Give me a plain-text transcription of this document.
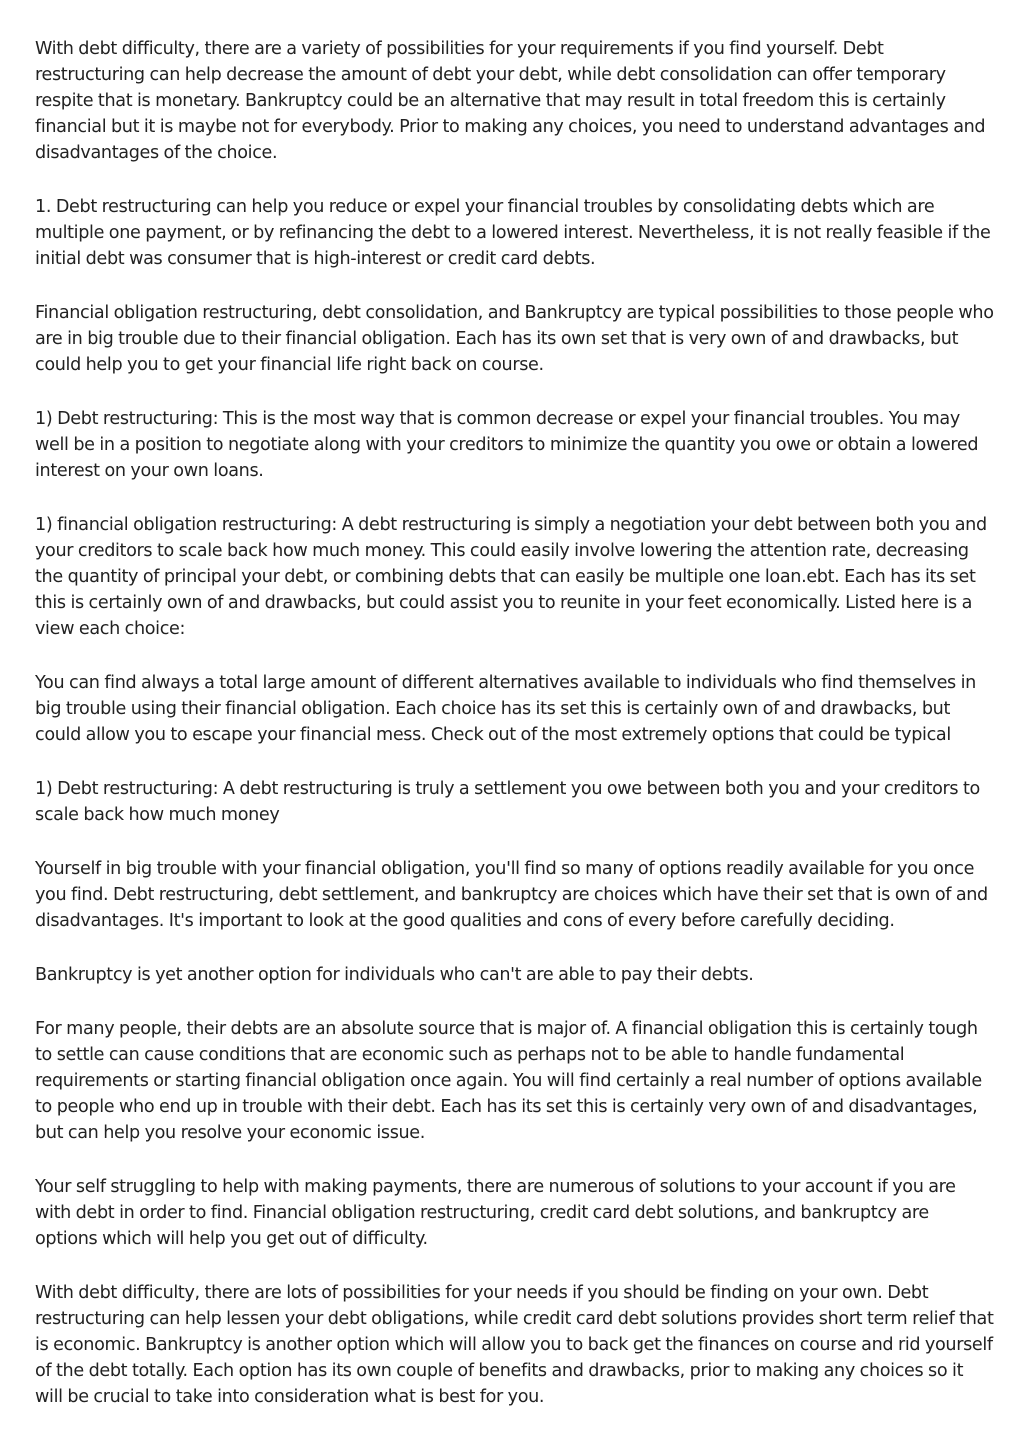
With debt difficulty, there are a variety of possibilities for your requirements if you find yourself. Debt restructuring can help decrease the amount of debt your debt, while debt consolidation can offer temporary respite that is monetary. Bankruptcy could be an alternative that may result in total freedom this is certainly financial but it is maybe not for everybody. Prior to making any choices, you need to understand advantages and disadvantages of the choice.

1. Debt restructuring can help you reduce or expel your financial troubles by consolidating debts which are multiple one payment, or by refinancing the debt to a lowered interest. Nevertheless, it is not really feasible if the initial debt was consumer that is high-interest or credit card debts.

Financial obligation restructuring, debt consolidation, and Bankruptcy are typical possibilities to those people who are in big trouble due to their financial obligation. Each has its own set that is very own of and drawbacks, but could help you to get your financial life right back on course.

1) Debt restructuring: This is the most way that is common decrease or expel your financial troubles. You may well be in a position to negotiate along with your creditors to minimize the quantity you owe or obtain a lowered interest on your own loans.

1) financial obligation restructuring: A debt restructuring is simply a negotiation your debt between both you and your creditors to scale back how much money. This could easily involve lowering the attention rate, decreasing the quantity of principal your debt, or combining debts that can easily be multiple one loan.ebt. Each has its set this is certainly own of and drawbacks, but could assist you to reunite in your feet economically. Listed here is a view each choice:

You can find always a total large amount of different alternatives available to individuals who find themselves in big trouble using their financial obligation. Each choice has its set this is certainly own of and drawbacks, but could allow you to escape your financial mess. Check out of the most extremely options that could be typical

1) Debt restructuring: A debt restructuring is truly a settlement you owe between both you and your creditors to scale back how much money

Yourself in big trouble with your financial obligation, you'll find so many of options readily available for you once you find. Debt restructuring, debt settlement, and bankruptcy are choices which have their set that is own of and disadvantages. It's important to look at the good qualities and cons of every before carefully deciding.

Bankruptcy is yet another option for individuals who can't are able to pay their debts.

For many people, their debts are an absolute source that is major of. A financial obligation this is certainly tough to settle can cause conditions that are economic such as perhaps not to be able to handle fundamental requirements or starting financial obligation once again. You will find certainly a real number of options available to people who end up in trouble with their debt. Each has its set this is certainly very own of and disadvantages, but can help you resolve your economic issue.

Your self struggling to help with making payments, there are numerous of solutions to your account if you are with debt in order to find. Financial obligation restructuring, credit card debt solutions, and bankruptcy are options which will help you get out of difficulty.

With debt difficulty, there are lots of possibilities for your needs if you should be finding on your own. Debt restructuring can help lessen your debt obligations, while credit card debt solutions provides short term relief that is economic. Bankruptcy is another option which will allow you to back get the finances on course and rid yourself of the debt totally. Each option has its own couple of benefits and drawbacks, prior to making any choices so it will be crucial to take into consideration what is best for you.
